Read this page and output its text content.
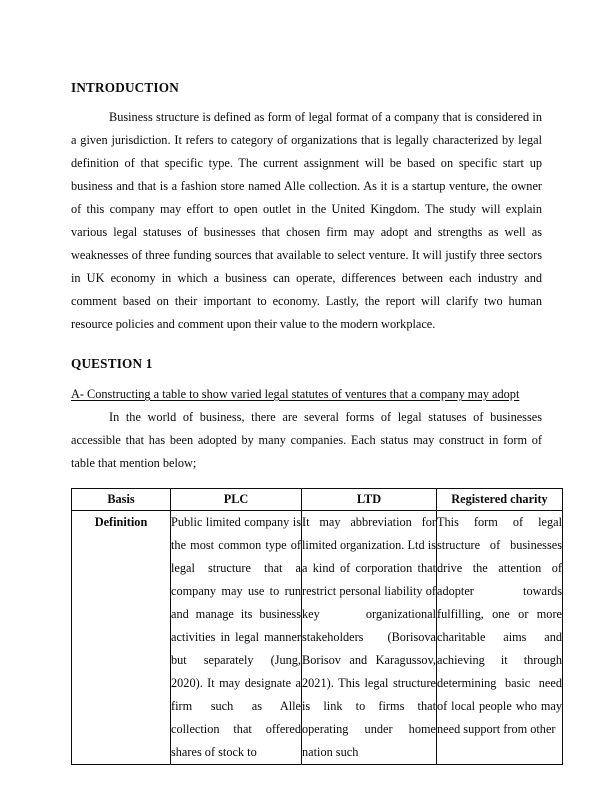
INTRODUCTION

Business structure is defined as form of legal format of a company that is considered in a given jurisdiction. It refers to category of organizations that is legally characterized by legal definition of that specific type. The current assignment will be based on specific start up business and that is a fashion store named Alle collection. As it is a startup venture, the owner of this company may effort to open outlet in the United Kingdom. The study will explain various legal statuses of businesses that chosen firm may adopt and strengths as well as weaknesses of three funding sources that available to select venture. It will justify three sectors in UK economy in which a business can operate, differences between each industry and comment based on their important to economy. Lastly, the report will clarify two human resource policies and comment upon their value to the modern workplace.

QUESTION 1
A- Constructing a table to show varied legal statutes of ventures that a company may adopt

In the world of business, there are several forms of legal statuses of businesses accessible that has been adopted by many companies. Each status may construct in form of table that mention below;

Basis	PLC	LTD	Registered charity
Definition	Public limited company is the most common type of legal structure that a company may use to run and manage its business activities in legal manner but separately (Jung, 2020). It may designate a firm such as Alle collection that offered shares of stock to	It may abbreviation for limited organization. Ltd is a kind of corporation that restrict personal liability of key organizational stakeholders (Borisova Borisov and Karagussov, 2021). This legal structure is link to firms that operating under home nation such	This form of legal structure of businesses drive the attention of adopter towards fulfilling, one or more charitable aims and achieving it through determining basic need of local people who may need support from other
